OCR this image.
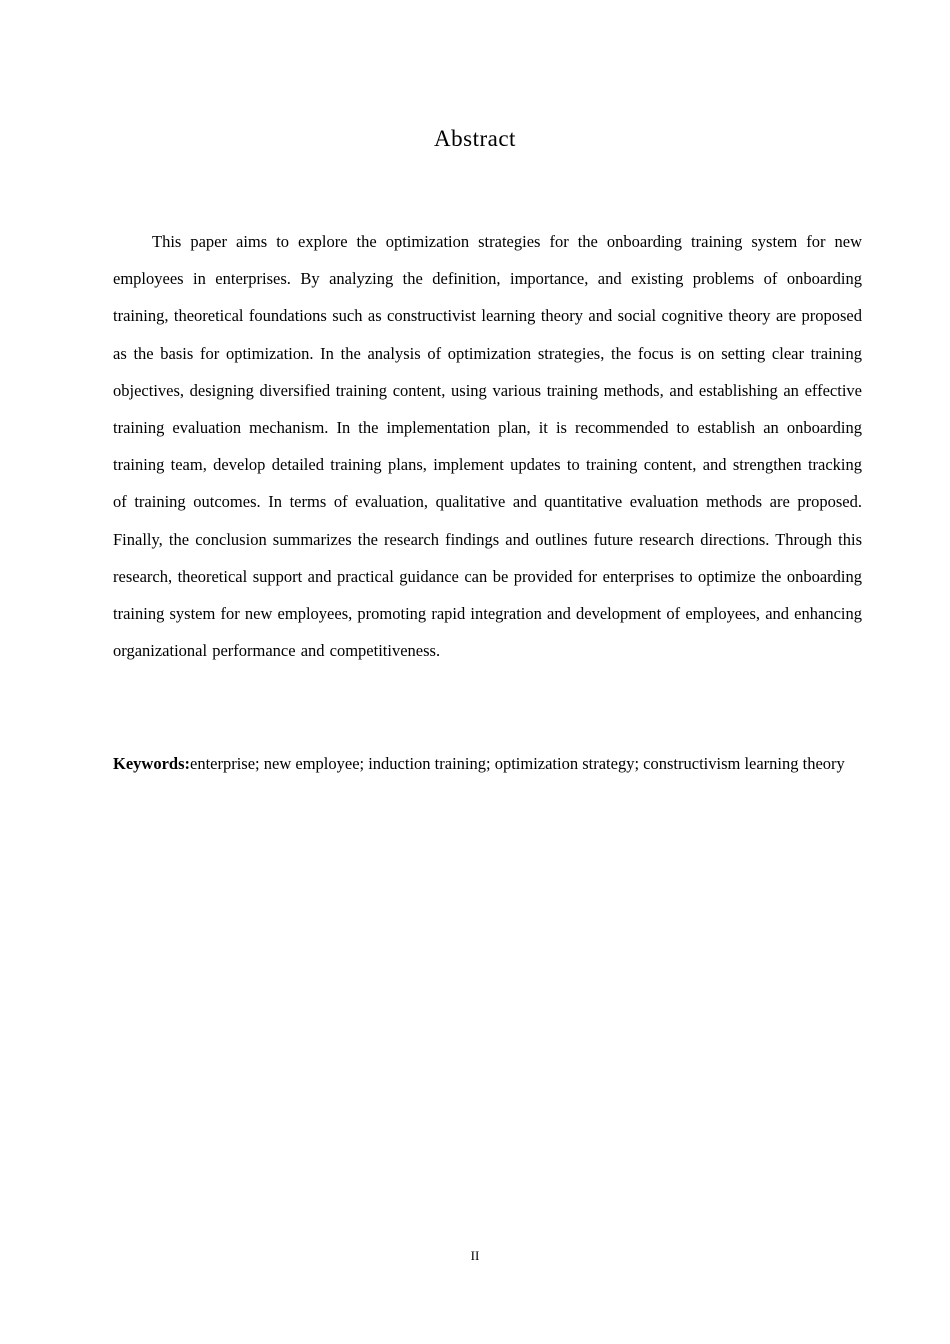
Abstract

This paper aims to explore the optimization strategies for the onboarding training system for new employees in enterprises. By analyzing the definition, importance, and existing problems of onboarding training, theoretical foundations such as constructivist learning theory and social cognitive theory are proposed as the basis for optimization. In the analysis of optimization strategies, the focus is on setting clear training objectives, designing diversified training content, using various training methods, and establishing an effective training evaluation mechanism. In the implementation plan, it is recommended to establish an onboarding training team, develop detailed training plans, implement updates to training content, and strengthen tracking of training outcomes. In terms of evaluation, qualitative and quantitative evaluation methods are proposed. Finally, the conclusion summarizes the research findings and outlines future research directions. Through this research, theoretical support and practical guidance can be provided for enterprises to optimize the onboarding training system for new employees, promoting rapid integration and development of employees, and enhancing organizational performance and competitiveness.

Keywords:enterprise; new employee; induction training; optimization strategy; constructivism learning theory

II
